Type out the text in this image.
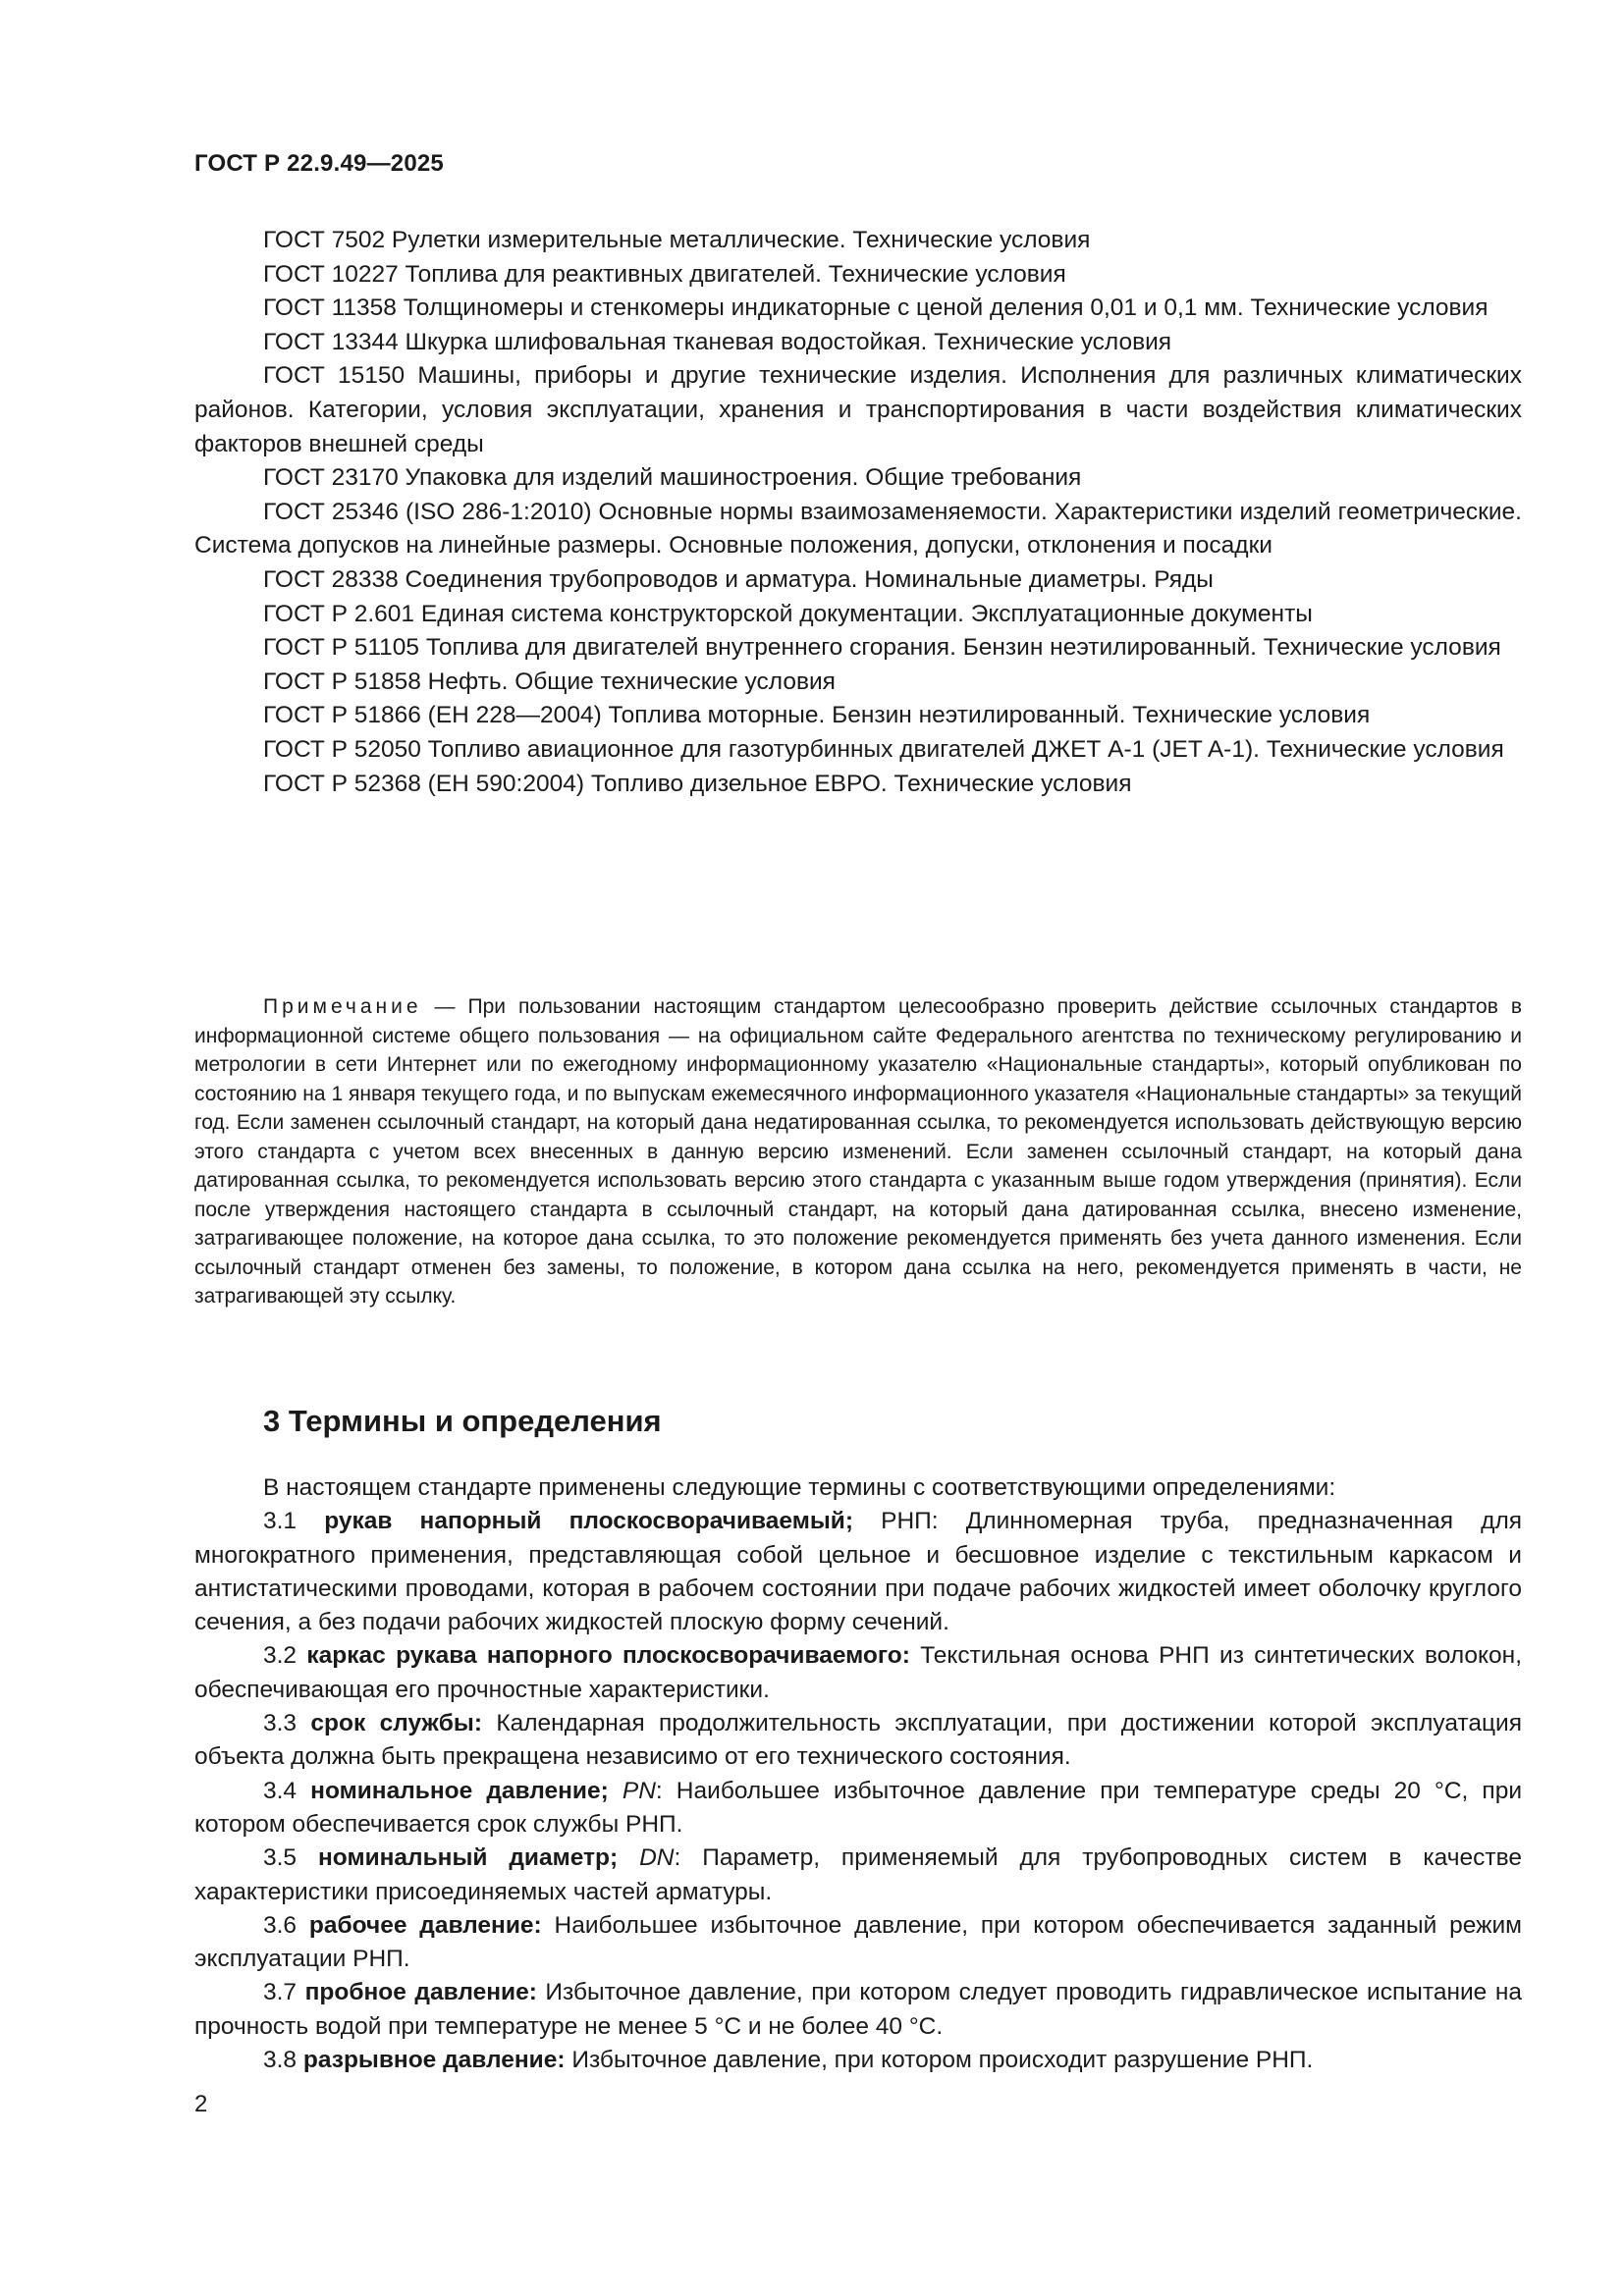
ГОСТ Р 22.9.49—2025

ГОСТ 7502 Рулетки измерительные металлические. Технические условия

ГОСТ 10227 Топлива для реактивных двигателей. Технические условия

ГОСТ 11358 Толщиномеры и стенкомеры индикаторные с ценой деления 0,01 и 0,1 мм. Технические условия

ГОСТ 13344 Шкурка шлифовальная тканевая водостойкая. Технические условия

ГОСТ 15150 Машины, приборы и другие технические изделия. Исполнения для различных климатических районов. Категории, условия эксплуатации, хранения и транспортирования в части воздействия климатических факторов внешней среды

ГОСТ 23170 Упаковка для изделий машиностроения. Общие требования

ГОСТ 25346 (ISO 286-1:2010) Основные нормы взаимозаменяемости. Характеристики изделий геометрические. Система допусков на линейные размеры. Основные положения, допуски, отклонения и посадки

ГОСТ 28338 Соединения трубопроводов и арматура. Номинальные диаметры. Ряды

ГОСТ Р 2.601 Единая система конструкторской документации. Эксплуатационные документы

ГОСТ Р 51105 Топлива для двигателей внутреннего сгорания. Бензин неэтилированный. Технические условия

ГОСТ Р 51858 Нефть. Общие технические условия

ГОСТ Р 51866 (ЕН 228—2004) Топлива моторные. Бензин неэтилированный. Технические условия

ГОСТ Р 52050 Топливо авиационное для газотурбинных двигателей ДЖЕТ А-1 (JET A-1). Технические условия

ГОСТ Р 52368 (ЕН 590:2004) Топливо дизельное ЕВРО. Технические условия

Примечание — При пользовании настоящим стандартом целесообразно проверить действие ссылочных стандартов в информационной системе общего пользования — на официальном сайте Федерального агентства по техническому регулированию и метрологии в сети Интернет или по ежегодному информационному указателю «Национальные стандарты», который опубликован по состоянию на 1 января текущего года, и по выпускам ежемесячного информационного указателя «Национальные стандарты» за текущий год. Если заменен ссылочный стандарт, на который дана недатированная ссылка, то рекомендуется использовать действующую версию этого стандарта с учетом всех внесенных в данную версию изменений. Если заменен ссылочный стандарт, на который дана датированная ссылка, то рекомендуется использовать версию этого стандарта с указанным выше годом утверждения (принятия). Если после утверждения настоящего стандарта в ссылочный стандарт, на который дана датированная ссылка, внесено изменение, затрагивающее положение, на которое дана ссылка, то это положение рекомендуется применять без учета данного изменения. Если ссылочный стандарт отменен без замены, то положение, в котором дана ссылка на него, рекомендуется применять в части, не затрагивающей эту ссылку.

3 Термины и определения

В настоящем стандарте применены следующие термины с соответствующими определениями:

3.1 рукав напорный плоскосворачиваемый; РНП: Длинномерная труба, предназначенная для многократного применения, представляющая собой цельное и бесшовное изделие с текстильным каркасом и антистатическими проводами, которая в рабочем состоянии при подаче рабочих жидкостей имеет оболочку круглого сечения, а без подачи рабочих жидкостей плоскую форму сечений.

3.2 каркас рукава напорного плоскосворачиваемого: Текстильная основа РНП из синтетических волокон, обеспечивающая его прочностные характеристики.

3.3 срок службы: Календарная продолжительность эксплуатации, при достижении которой эксплуатация объекта должна быть прекращена независимо от его технического состояния.

3.4 номинальное давление; PN: Наибольшее избыточное давление при температуре среды 20 °С, при котором обеспечивается срок службы РНП.

3.5 номинальный диаметр; DN: Параметр, применяемый для трубопроводных систем в качестве характеристики присоединяемых частей арматуры.

3.6 рабочее давление: Наибольшее избыточное давление, при котором обеспечивается заданный режим эксплуатации РНП.

3.7 пробное давление: Избыточное давление, при котором следует проводить гидравлическое испытание на прочность водой при температуре не менее 5 °С и не более 40 °С.

3.8 разрывное давление: Избыточное давление, при котором происходит разрушение РНП.

2
